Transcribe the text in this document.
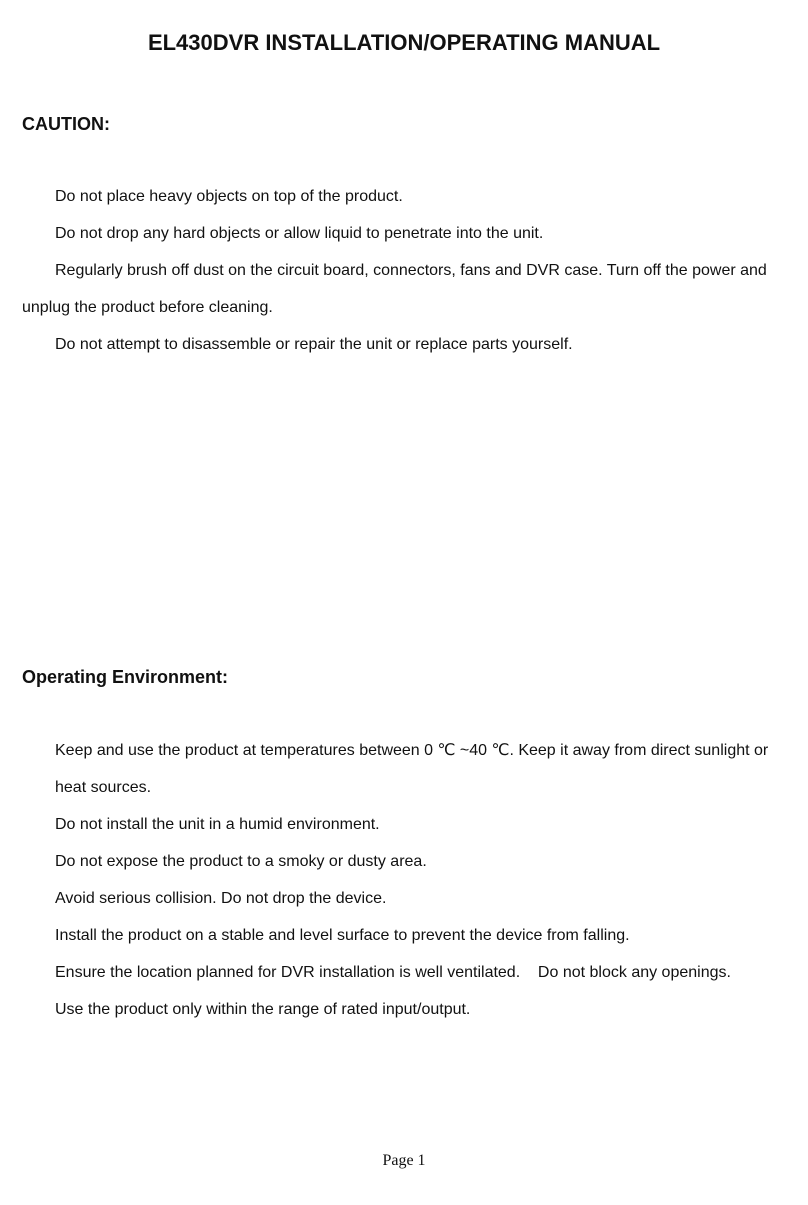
EL430DVR INSTALLATION/OPERATING MANUAL
CAUTION:

Do not place heavy objects on top of the product.

Do not drop any hard objects or allow liquid to penetrate into the unit.

Regularly brush off dust on the circuit board, connectors, fans and DVR case. Turn off the power and unplug the product before cleaning.

Do not attempt to disassemble or repair the unit or replace parts yourself.

Operating Environment:

Keep and use the product at temperatures between 0 ℃ ~40 ℃. Keep it away from direct sunlight or heat sources.

Do not install the unit in a humid environment.

Do not expose the product to a smoky or dusty area.

Avoid serious collision. Do not drop the device.

Install the product on a stable and level surface to prevent the device from falling.

Ensure the location planned for DVR installation is well ventilated.    Do not block any openings.

Use the product only within the range of rated input/output.

Page 1
